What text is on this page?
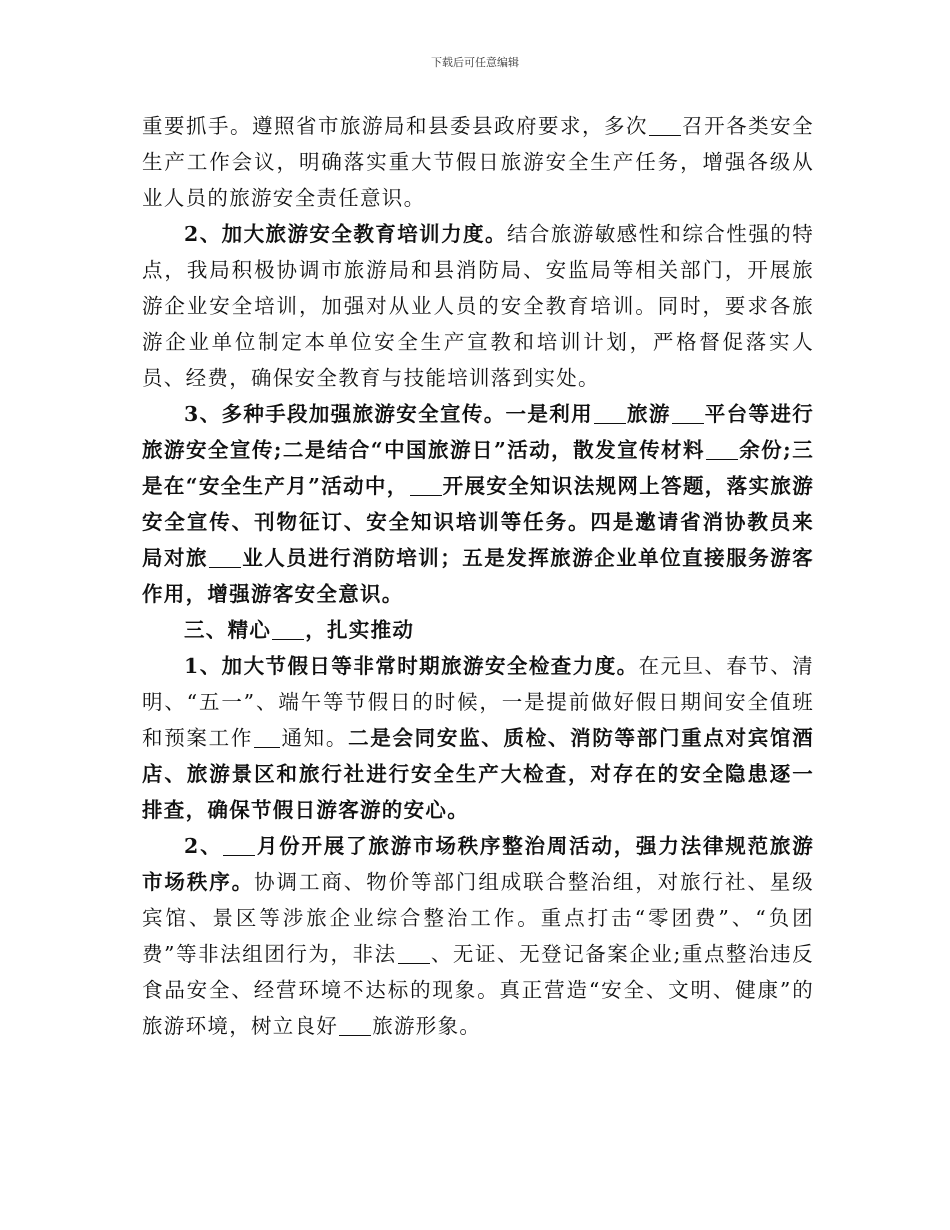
下载后可任意编辑

重要抓手。遵照省市旅游局和县委县政府要求，多次 召开各类安全生产工作会议，明确落实重大节假日旅游安全生产任务，增强各级从业人员的旅游安全责任意识。

2、加大旅游安全教育培训力度。结合旅游敏感性和综合性强的特点，我局积极协调市旅游局和县消防局、安监局等相关部门，开展旅游企业安全培训，加强对从业人员的安全教育培训。同时，要求各旅游企业单位制定本单位安全生产宣教和培训计划，严格督促落实人员、经费，确保安全教育与技能培训落到实处。

3、多种手段加强旅游安全宣传。一是利用 旅游 平台等进行旅游安全宣传;二是结合“中国旅游日”活动，散发宣传材料 余份;三是在“安全生产月”活动中， 开展安全知识法规网上答题，落实旅游安全宣传、刊物征订、安全知识培训等任务。四是邀请省消协教员来局对旅 业人员进行消防培训；五是发挥旅游企业单位直接服务游客作用，增强游客安全意识。

三、精心 ，扎实推动

1、加大节假日等非常时期旅游安全检查力度。在元旦、春节、清明、“五一”、端午等节假日的时候，一是提前做好假日期间安全值班和预案工作 通知。二是会同安监、质检、消防等部门重点对宾馆酒店、旅游景区和旅行社进行安全生产大检查，对存在的安全隐患逐一排查，确保节假日游客游的安心。

2、 月份开展了旅游市场秩序整治周活动，强力法律规范旅游市场秩序。协调工商、物价等部门组成联合整治组，对旅行社、星级宾馆、景区等涉旅企业综合整治工作。重点打击“零团费”、“负团费”等非法组团行为，非法 、无证、无登记备案企业;重点整治违反食品安全、经营环境不达标的现象。真正营造“安全、文明、健康”的旅游环境，树立良好 旅游形象。
